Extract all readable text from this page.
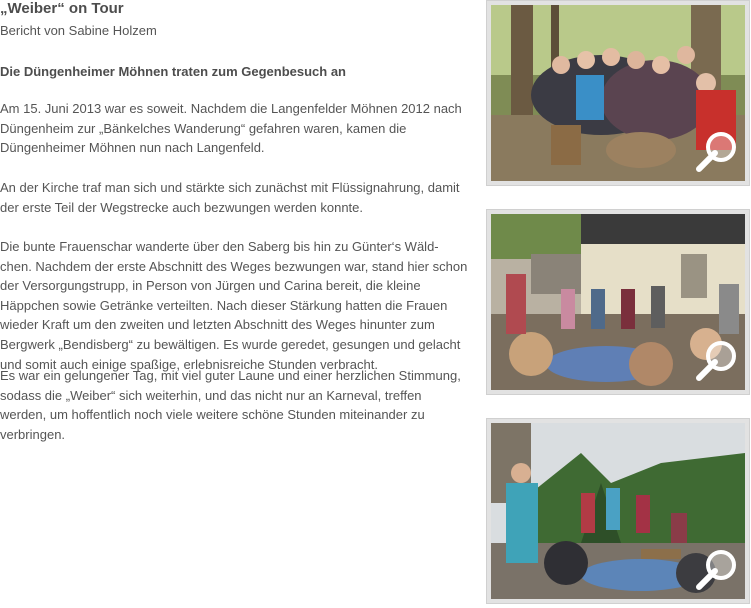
„Weiber“ on Tour
Bericht von Sabine Holzem
Die Düngenheimer Möhnen traten zum Gegenbesuch an

Am 15. Juni 2013 war es soweit. Nachdem die Langenfelder Möhnen 2012 nach Düngenheim zur „Bänkelches Wanderung“ gefahren waren, kamen die Düngenheimer Möhnen nun nach Langenfeld.

An der Kirche traf man sich und stärkte sich zunächst mit Flüssignahrung, damit der erste Teil der Wegstrecke auch bezwungen werden konnte.

Die bunte Frauenschar wanderte über den Saberg bis hin zu Günter‘s Wäld-chen. Nachdem der erste Abschnitt des Weges bezwungen war, stand hier schon der Versorgungstrupp, in Person von Jürgen und Carina bereit, die kleine Häppchen sowie Getränke verteilten. Nach dieser Stärkung hatten die Frauen wieder Kraft um den zweiten und letzten Abschnitt des Weges hinunter zum Bergwerk „Bendisberg“ zu bewältigen. Es wurde geredet, gesungen und gelacht und somit auch einige spaßige, erlebnisreiche Stunden verbracht.

Es war ein gelungener Tag, mit viel guter Laune und einer herzlichen Stimmung, sodass die „Weiber“ sich weiterhin, und das nicht nur an Karneval, treffen werden, um hoffentlich noch viele weitere schöne Stunden miteinander zu verbringen.
